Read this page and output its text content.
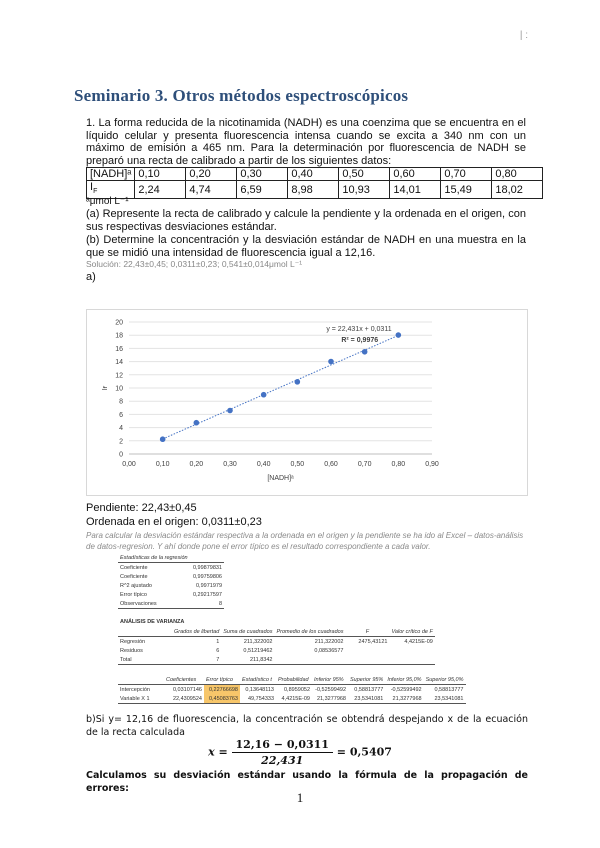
| :
Seminario 3. Otros métodos espectroscópicos
1. La forma reducida de la nicotinamida (NADH) es una coenzima que se encuentra en el líquido celular y presenta fluorescencia intensa cuando se excita a 340 nm con un máximo de emisión a 465 nm. Para la determinación por fluorescencia de NADH se preparó una recta de calibrado a partir de los siguientes datos:
[NADH]ᵃ	0,10	0,20	0,30	0,40	0,50	0,60	0,70	0,80
$I_F$	2,24	4,74	6,59	8,98	10,93	14,01	15,49	18,02
ᵃμmol L⁻¹
(a) Represente la recta de calibrado y calcule la pendiente y la ordenada en el origen, con sus respectivas desviaciones estándar.
(b) Determine la concentración y la desviación estándar de NADH en una muestra en la que se midió una intensidad de fluorescencia igual a 12,16.
Solución: 22,43±0,45; 0,0311±0,23; 0,541±0,014μmol L⁻¹
a)
0
2
4
6
8
10
12
14
16
18
20
0,00	0,10	0,20	0,30	0,40	0,50	0,60	0,70	0,80	0,90
[NADH]ᵃ
Iғ
y = 22,431x + 0,0311
R² = 0,9976
Pendiente: 22,43±0,45
Ordenada en el origen: 0,0311±0,23
Para calcular la desviación estándar respectiva a la ordenada en el origen y la pendiente se ha ido al Excel – datos-análisis de datos-regresion. Y ahí donde pone el error típico es el resultado correspondiente a cada valor.
Estadísticas de la regresión	
Coeficiente	0,99879831
Coeficiente	0,99759806
R^2 ajustado	0,9971979
Error típico	0,29217597
Observaciones	8
ANÁLISIS DE VARIANZA
	Grados de libertad	Suma de cuadrados	Promedio de los cuadrados	F	Valor crítico de F
Regresión	1	211,322002	211,322002	2475,43121	4,4215E-09
Residuos	6	0,51219462	0,08536577		
Total	7	211,8342			
	Coeficientes	Error típico	Estadístico t	Probabilidad	Inferior 95%	Superior 95%	Inferior 95,0%	Superior 95,0%
Intercepción	0,03107146	0,22766698	0,13648113	0,8959052	-0,52599492	0,58813777	-0,52599492	0,58813777
Variable X 1	22,4309524	0,45083763	49,754333	4,4215E-09	21,3277968	23,5341081	21,3277968	23,5341081
b)Si y= 12,16 de fluorescencia, la concentración se obtendrá despejando x de la ecuación de la recta calculada
$x = \frac{12,16 - 0,0311}{22,431} = 0,5407$
Calculamos su desviación estándar usando la fórmula de la propagación de errores:
1
